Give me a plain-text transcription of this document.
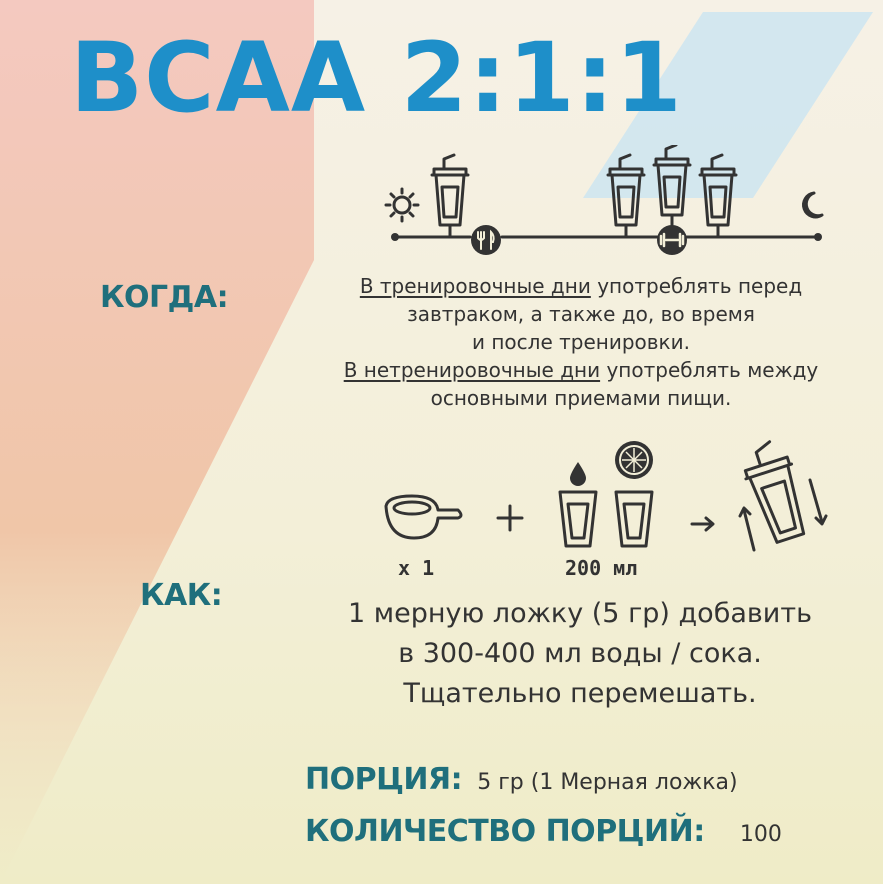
BCAA 2:1:1
КОГДА:	В тренировочные дни употреблять перед

завтраком, а также до, во время

и после тренировки.

В нетренировочные дни употреблять между

основными приемами пищи.

x 1	200 мл
КАК:

1 мерную ложку (5 гр) добавить

в 300-400 мл воды / сока.

Тщательно перемешать.

ПОРЦИЯ: 5 гр (1 Мерная ложка)
КОЛИЧЕСТВО ПОРЦИЙ: 100
